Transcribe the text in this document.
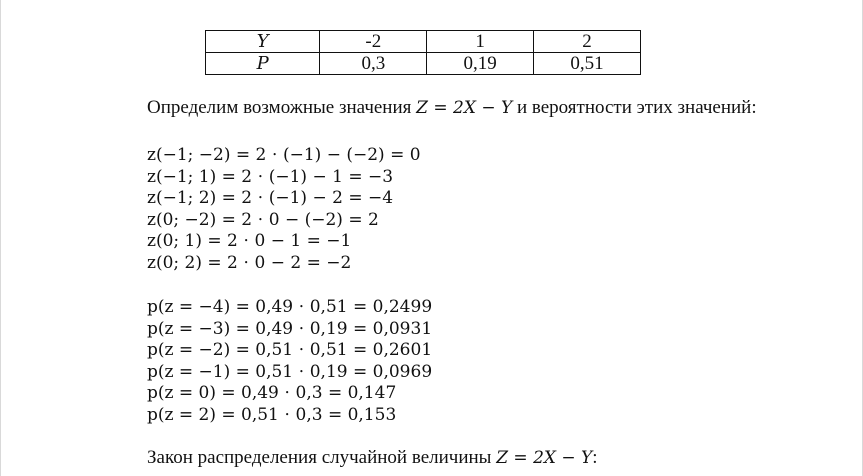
Y	-2	1	2
P	0,3	0,19	0,51
Определим возможные значения Z = 2X − Y и вероятности этих значений:
z(−1; −2) = 2 ⋅ (−1) − (−2) = 0
z(−1; 1) = 2 ⋅ (−1) − 1 = −3
z(−1; 2) = 2 ⋅ (−1) − 2 = −4
z(0; −2) = 2 ⋅ 0 − (−2) = 2
z(0; 1) = 2 ⋅ 0 − 1 = −1
z(0; 2) = 2 ⋅ 0 − 2 = −2
p(z = −4) = 0,49 ⋅ 0,51 = 0,2499
p(z = −3) = 0,49 ⋅ 0,19 = 0,0931
p(z = −2) = 0,51 ⋅ 0,51 = 0,2601
p(z = −1) = 0,51 ⋅ 0,19 = 0,0969
p(z = 0) = 0,49 ⋅ 0,3 = 0,147
p(z = 2) = 0,51 ⋅ 0,3 = 0,153
Закон распределения случайной величины Z = 2X − Y:
